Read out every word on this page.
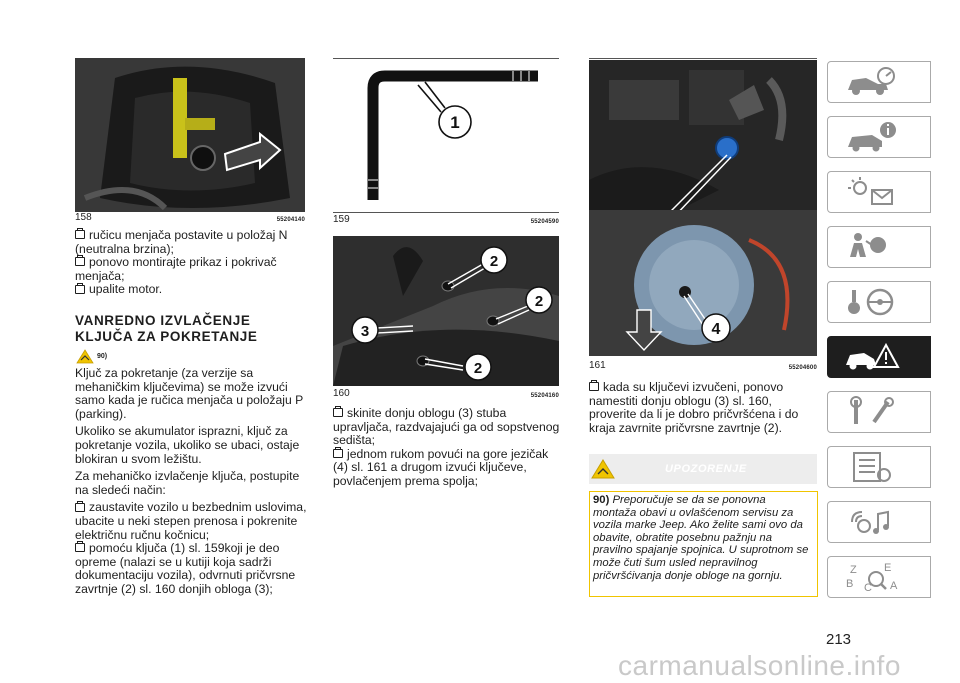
158	55204140
ručicu menjača postavite u položaj N (neutralna brzina);
ponovo montirajte prikaz i pokrivač menjača;
upalite motor.
VANREDNO IZVLAČENJE
KLJUČA ZA POKRETANJE
90)

Ključ za pokretanje (za verzije sa mehaničkim ključevima) se može izvući samo kada je ručica menjača u položaju P (parking).

Ukoliko se akumulator isprazni, ključ za pokretanje vozila, ukoliko se ubaci, ostaje blokiran u svom ležištu.

Za mehaničko izvlačenje ključa, postupite na sledeći način:

zaustavite vozilo u bezbednim uslovima, ubacite u neki stepen prenosa i pokrenite električnu ručnu kočnicu;
pomoću ključa (1) sl. 159koji je deo opreme (nalazi se u kutiji koja sadrži dokumentaciju vozila), odvrnuti pričvrsne zavrtnje (2) sl. 160 donjih obloga (3);
1
159	55204590
2
2
3
2
160	55204160
skinite donju oblogu (3) stuba upravljača, razdvajajući ga od sopstvenog sedišta;
jednom rukom povući na gore jezičak (4) sl. 161 a drugom izvući ključeve, povlačenjem prema spolja;
4
161	55204600
kada su ključevi izvučeni, ponovo namestiti donju oblogu (3) sl. 160, proverite da li je dobro pričvršćena i do kraja zavrnite pričvrsne zavrtnje (2).
UPOZORENJE
90) Preporučuje se da se ponovna montaža obavi u ovlašćenom servisu za vozila marke Jeep. Ako želite sami ovo da obavite, obratite posebnu pažnju na pravilno spajanje spojnica. U suprotnom se može čuti šum usled nepravilnog pričvršćivanja donje obloge na gornju.	Z E
B C A
213
carmanualsonline.info
